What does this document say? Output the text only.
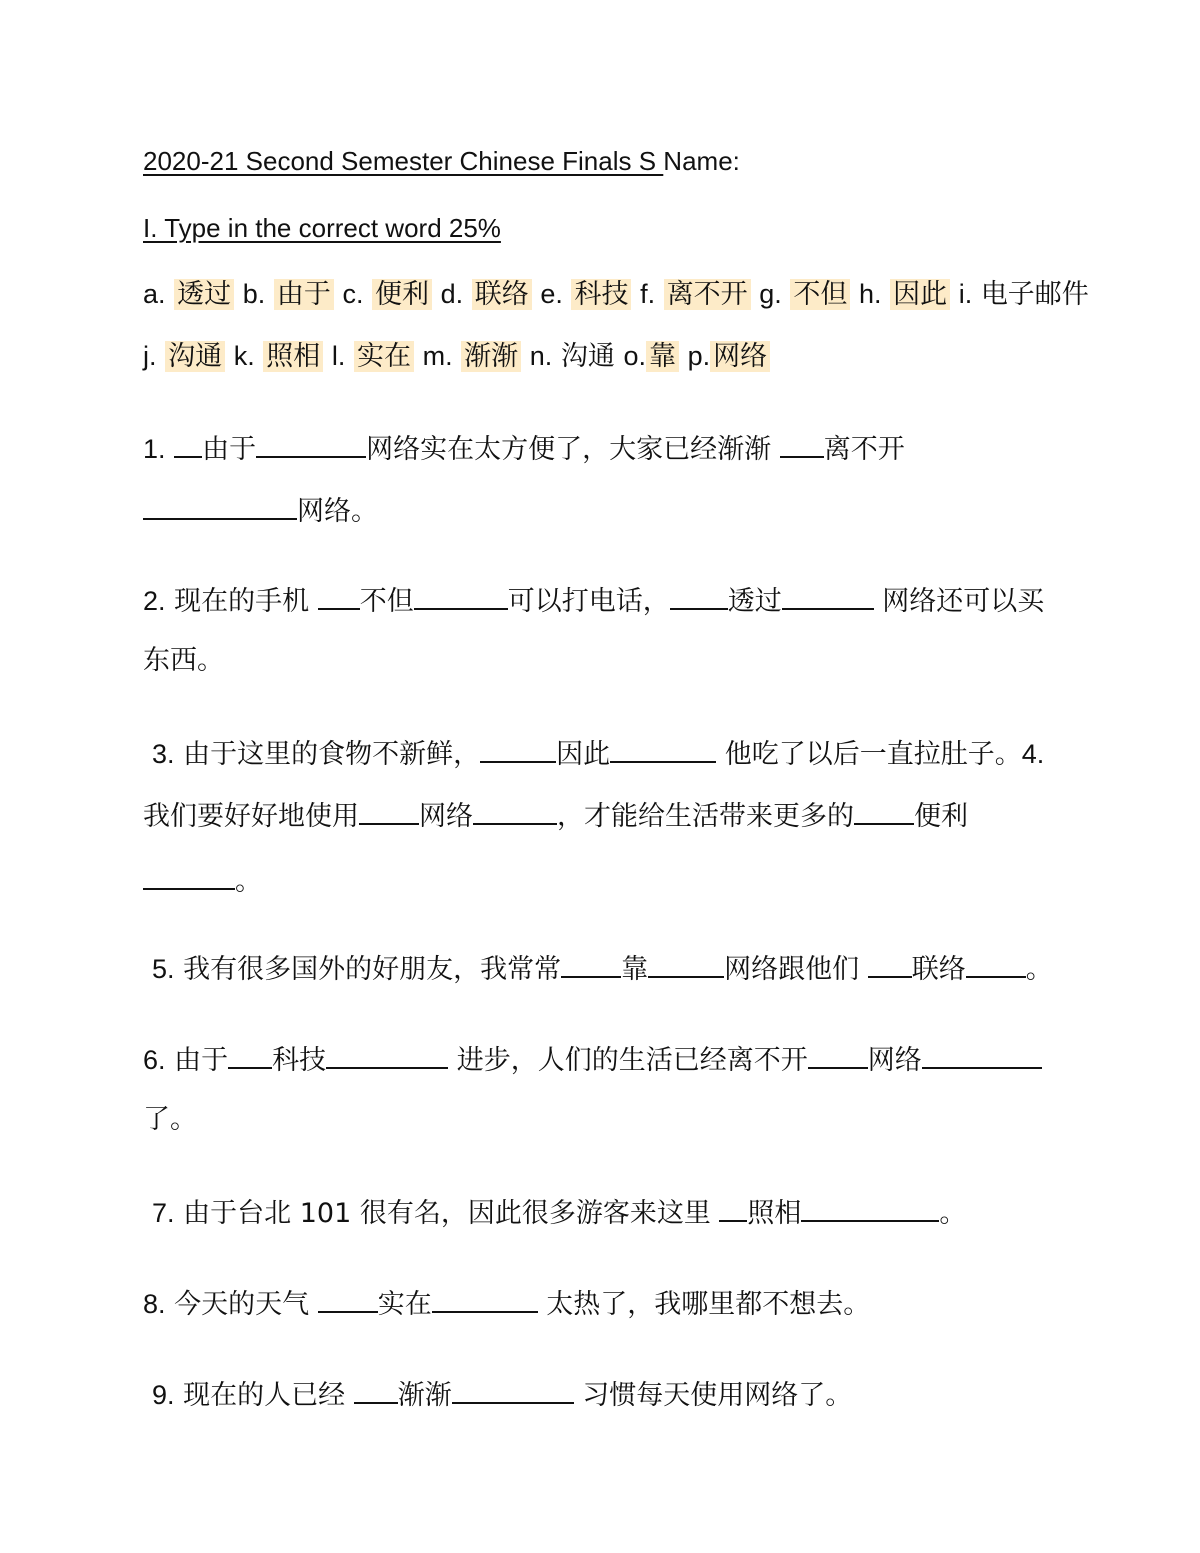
2020-21 Second Semester Chinese Finals S Name:
I. Type in the correct word 25%
a. 透过 b. 由于 c. 便利 d. 联络 e. 科技 f. 离不开 g. 不但 h. 因此 i. 电子邮件
j. 沟通 k. 照相 l. 实在 m. 渐渐 n. 沟通 o. 靠 p. 网络
1. 由于	网络实在太方便了，大家已经渐渐 离不开
网络。
2. 现在的手机 不但	可以打电话， 透过	网络还可以买
东西。
3. 由于这里的食物不新鲜，	因此	他吃了以后一直拉肚子。4.
我们要好好地使用 网络	，才能给生活带来更多的 便利
。
5. 我有很多国外的好朋友，我常常 靠	网络跟他们 联络 。
6. 由于 科技	进步，人们的生活已经离不开 网络
了。
7. 由于台北 101 很有名，因此很多游客来这里 照相	。
8. 今天的天气 实在	太热了，我哪里都不想去。
9. 现在的人已经 渐渐	习惯每天使用网络了。
